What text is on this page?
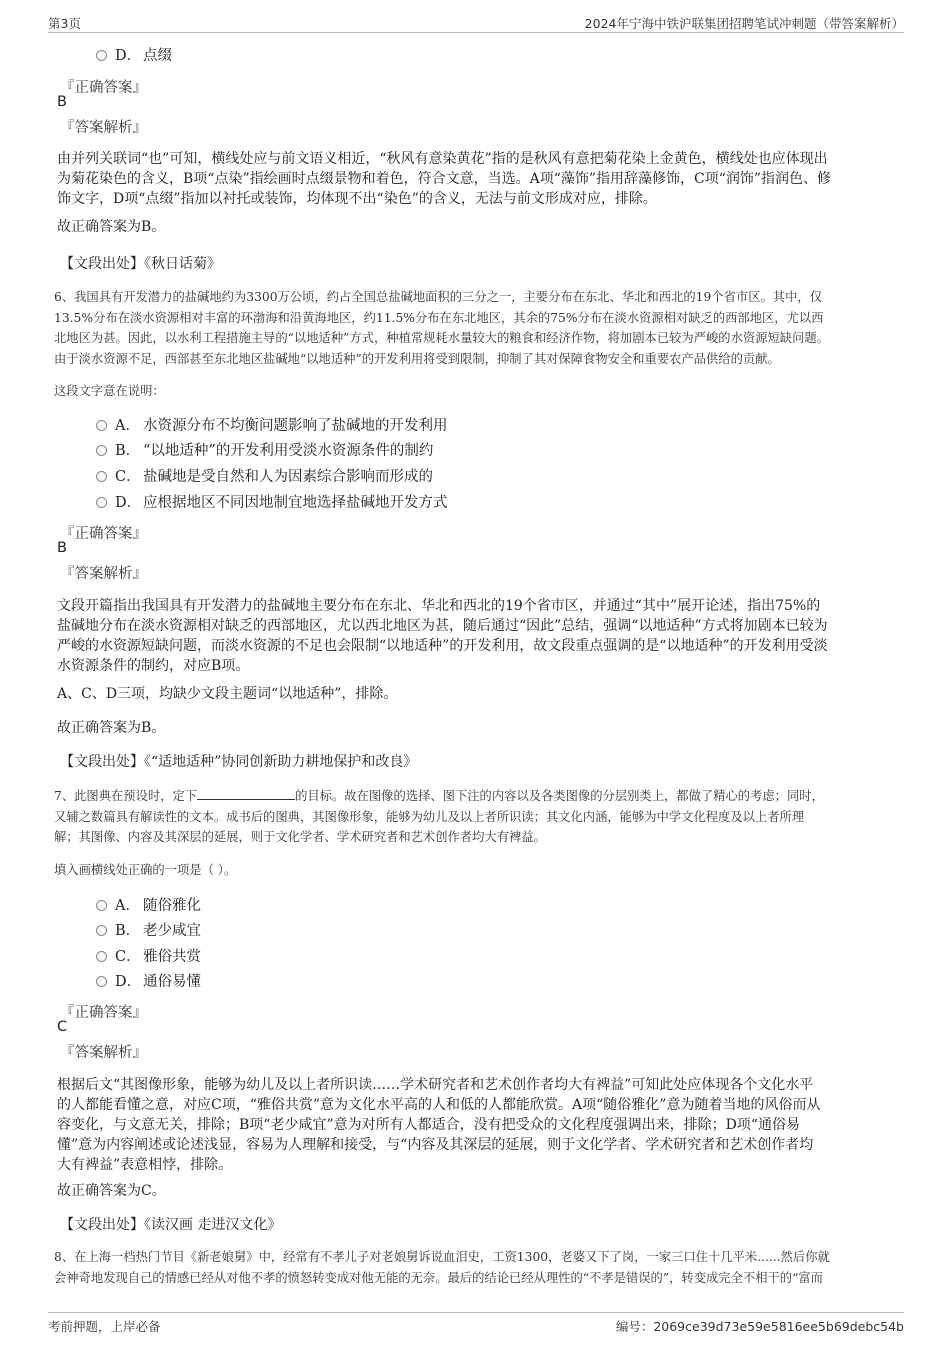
第3页	2024年宁海中铁沪联集团招聘笔试冲刺题（带答案解析）
D． 点缀
『正确答案』
B
『答案解析』
由并列关联词“也”可知，横线处应与前文语义相近，“秋风有意染黄花”指的是秋风有意把菊花染上金黄色，横线处也应体现出
为菊花染色的含义，B项“点染”指绘画时点缀景物和着色，符合文意，当选。A项“藻饰”指用辞藻修饰，C项“润饰”指润色、修
饰文字，D项“点缀”指加以衬托或装饰，均体现不出“染色”的含义，无法与前文形成对应，排除。
故正确答案为B。
【文段出处】《秋日话菊》
6、我国具有开发潜力的盐碱地约为3300万公顷，约占全国总盐碱地面积的三分之一，主要分布在东北、华北和西北的19个省市区。其中，仅
13.5%分布在淡水资源相对丰富的环渤海和沿黄海地区，约11.5%分布在东北地区，其余的75%分布在淡水资源相对缺乏的西部地区，尤以西
北地区为甚。因此，以水利工程措施主导的“以地适种”方式，种植常规耗水量较大的粮食和经济作物，将加剧本已较为严峻的水资源短缺问题。
由于淡水资源不足，西部甚至东北地区盐碱地“以地适种”的开发利用将受到限制，抑制了其对保障食物安全和重要农产品供给的贡献。
这段文字意在说明：
A． 水资源分布不均衡问题影响了盐碱地的开发利用
B． “以地适种”的开发利用受淡水资源条件的制约
C． 盐碱地是受自然和人为因素综合影响而形成的
D． 应根据地区不同因地制宜地选择盐碱地开发方式
『正确答案』
B
『答案解析』
文段开篇指出我国具有开发潜力的盐碱地主要分布在东北、华北和西北的19个省市区，并通过“其中”展开论述，指出75%的
盐碱地分布在淡水资源相对缺乏的西部地区，尤以西北地区为甚，随后通过“因此”总结，强调“以地适种”方式将加剧本已较为
严峻的水资源短缺问题，而淡水资源的不足也会限制“以地适种”的开发利用，故文段重点强调的是“以地适种”的开发利用受淡
水资源条件的制约，对应B项。
A、C、D三项，均缺少文段主题词“以地适种”，排除。
故正确答案为B。
【文段出处】《“适地适种”协同创新助力耕地保护和改良》
7、此图典在预设时，定下	的目标。故在图像的选择、图下注的内容以及各类图像的分层别类上，都做了精心的考虑；同时，
又辅之数篇具有解读性的文本。成书后的图典，其图像形象，能够为幼儿及以上者所识读；其文化内涵，能够为中学文化程度及以上者所理
解；其图像、内容及其深层的延展，则于文化学者、学术研究者和艺术创作者均大有裨益。
填入画横线处正确的一项是（ ）。
A． 随俗雅化
B． 老少咸宜
C． 雅俗共赏
D． 通俗易懂
『正确答案』
C
『答案解析』
根据后文“其图像形象，能够为幼儿及以上者所识读……学术研究者和艺术创作者均大有裨益”可知此处应体现各个文化水平
的人都能看懂之意，对应C项，“雅俗共赏”意为文化水平高的人和低的人都能欣赏。A项“随俗雅化”意为随着当地的风俗而从
容变化，与文意无关，排除；B项“老少咸宜”意为对所有人都适合，没有把受众的文化程度强调出来，排除；D项“通俗易
懂”意为内容阐述或论述浅显，容易为人理解和接受，与“内容及其深层的延展，则于文化学者、学术研究者和艺术创作者均
大有裨益”表意相悖，排除。
故正确答案为C。
【文段出处】《读汉画 走进汉文化》
8、在上海一档热门节目《新老娘舅》中，经常有不孝儿子对老娘舅诉说血泪史，工资1300，老婆又下了岗，一家三口住十几平米......然后你就
会神奇地发现自己的情感已经从对他不孝的愤怒转变成对他无能的无奈。最后的结论已经从理性的“不孝是错误的”，转变成完全不相干的“富而
考前押题，上岸必备	编号：2069ce39d73e59e5816ee5b69debc54b
